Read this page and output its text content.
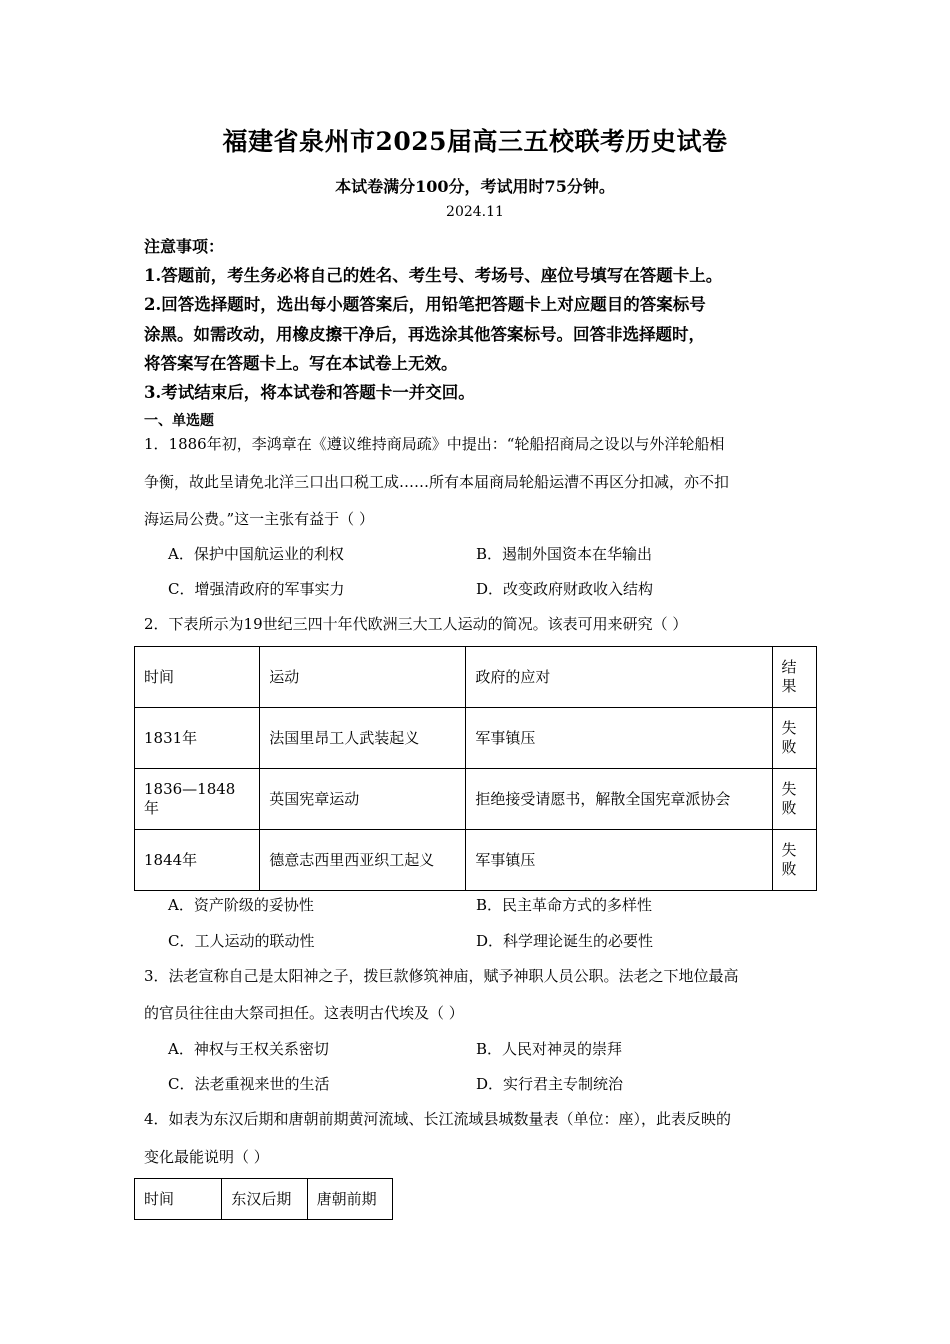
福建省泉州市2025届高三五校联考历史试卷
本试卷满分100分，考试用时75分钟。
2024.11
注意事项：
1.答题前，考生务必将自己的姓名、考生号、考场号、座位号填写在答题卡上。
2.回答选择题时，选出每小题答案后，用铅笔把答题卡上对应题目的答案标号
涂黑。如需改动，用橡皮擦干净后，再选涂其他答案标号。回答非选择题时，
将答案写在答题卡上。写在本试卷上无效。
3.考试结束后，将本试卷和答题卡一并交回。
一、单选题
1．1886年初，李鸿章在《遵议维持商局疏》中提出：“轮船招商局之设以与外洋轮船相
争衡，故此呈请免北洋三口出口税工成……所有本届商局轮船运漕不再区分扣减，亦不扣
海运局公费。”这一主张有益于（ ）
A．保护中国航运业的利权	B．遏制外国资本在华输出
C．增强清政府的军事实力	D．改变政府财政收入结构
2．下表所示为19世纪三四十年代欧洲三大工人运动的简况。该表可用来研究（ ）
时间	运动	政府的应对	结果
1831年	法国里昂工人武装起义	军事镇压	失败
1836—1848年	英国宪章运动	拒绝接受请愿书，解散全国宪章派协会	失败
1844年	德意志西里西亚织工起义	军事镇压	失败
A．资产阶级的妥协性	B．民主革命方式的多样性
C．工人运动的联动性	D．科学理论诞生的必要性
3．法老宣称自己是太阳神之子，拨巨款修筑神庙，赋予神职人员公职。法老之下地位最高
的官员往往由大祭司担任。这表明古代埃及（ ）
A．神权与王权关系密切	B．人民对神灵的崇拜
C．法老重视来世的生活	D．实行君主专制统治
4．如表为东汉后期和唐朝前期黄河流域、长江流域县城数量表（单位：座），此表反映的
变化最能说明（ ）
时间	东汉后期	唐朝前期
